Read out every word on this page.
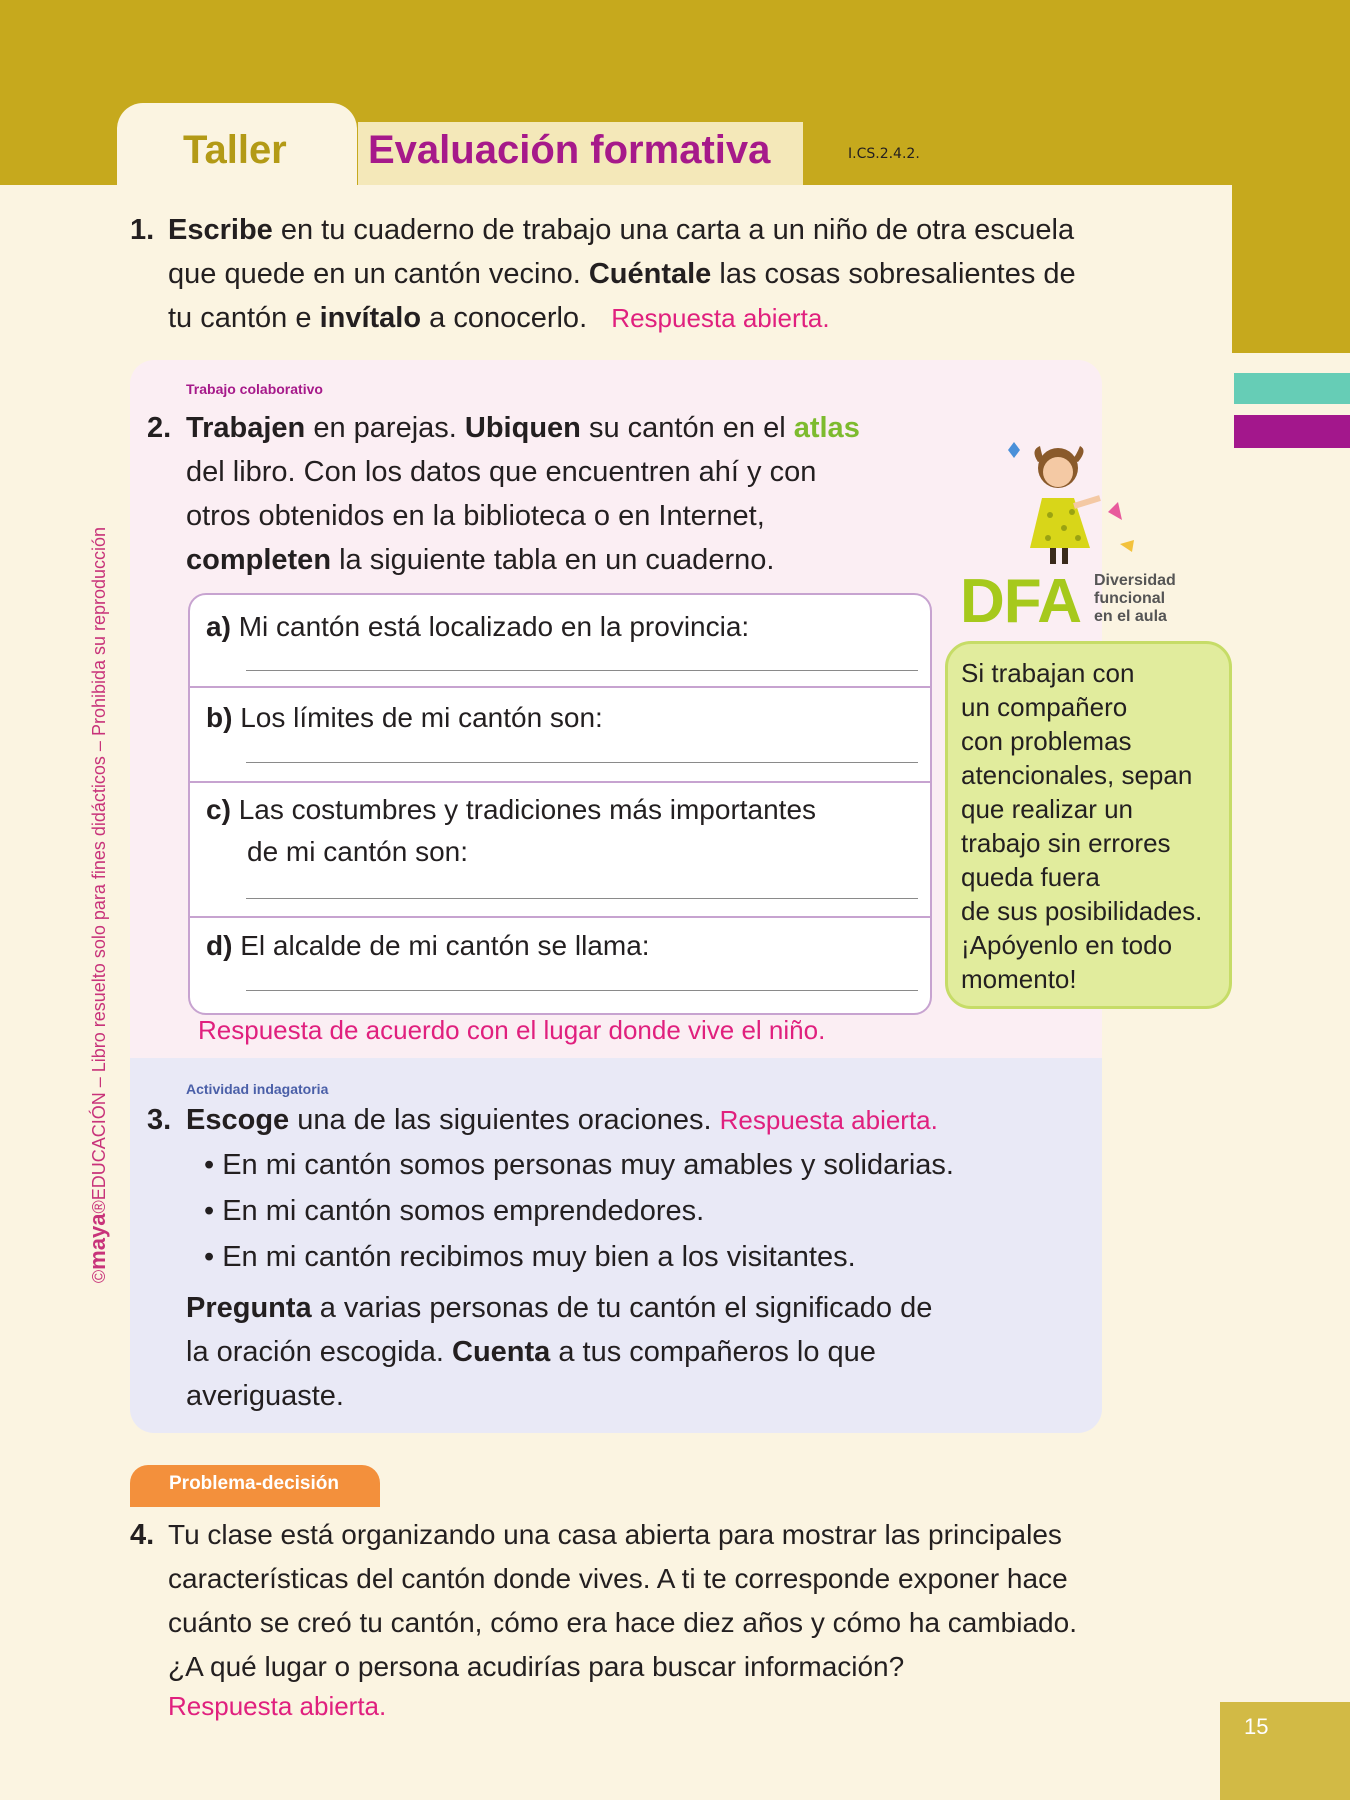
Taller Evaluación formativa	I.CS.2.4.2.
©maya®EDUCACIÓN – Libro resuelto solo para fines didácticos – Prohibida su reproducción
1. Escribe en tu cuaderno de trabajo una carta a un niño de otra escuela
que quede en un cantón vecino. Cuéntale las cosas sobresalientes de
tu cantón e invítalo a conocerlo. Respuesta abierta.
Trabajo colaborativo
2. Trabajen en parejas. Ubiquen su cantón en el atlas
del libro. Con los datos que encuentren ahí y con
otros obtenidos en la biblioteca o en Internet,
completen la siguiente tabla en un cuaderno.
a) Mi cantón está localizado en la provincia:
b) Los límites de mi cantón son:
c) Las costumbres y tradiciones más importantes
de mi cantón son:
d) El alcalde de mi cantón se llama:
Respuesta de acuerdo con el lugar donde vive el niño.
DFA Diversidad
funcional
en el aula
Si trabajan con
un compañero
con problemas
atencionales, sepan
que realizar un
trabajo sin errores
queda fuera
de sus posibilidades.
¡Apóyenlo en todo
momento!
Actividad indagatoria
3. Escoge una de las siguientes oraciones. Respuesta abierta.
• En mi cantón somos personas muy amables y solidarias.
• En mi cantón somos emprendedores.
• En mi cantón recibimos muy bien a los visitantes.
Pregunta a varias personas de tu cantón el significado de
la oración escogida. Cuenta a tus compañeros lo que
averiguaste.
Problema-decisión
4. Tu clase está organizando una casa abierta para mostrar las principales
características del cantón donde vives. A ti te corresponde exponer hace
cuánto se creó tu cantón, cómo era hace diez años y cómo ha cambiado.
¿A qué lugar o persona acudirías para buscar información?
Respuesta abierta.
15
